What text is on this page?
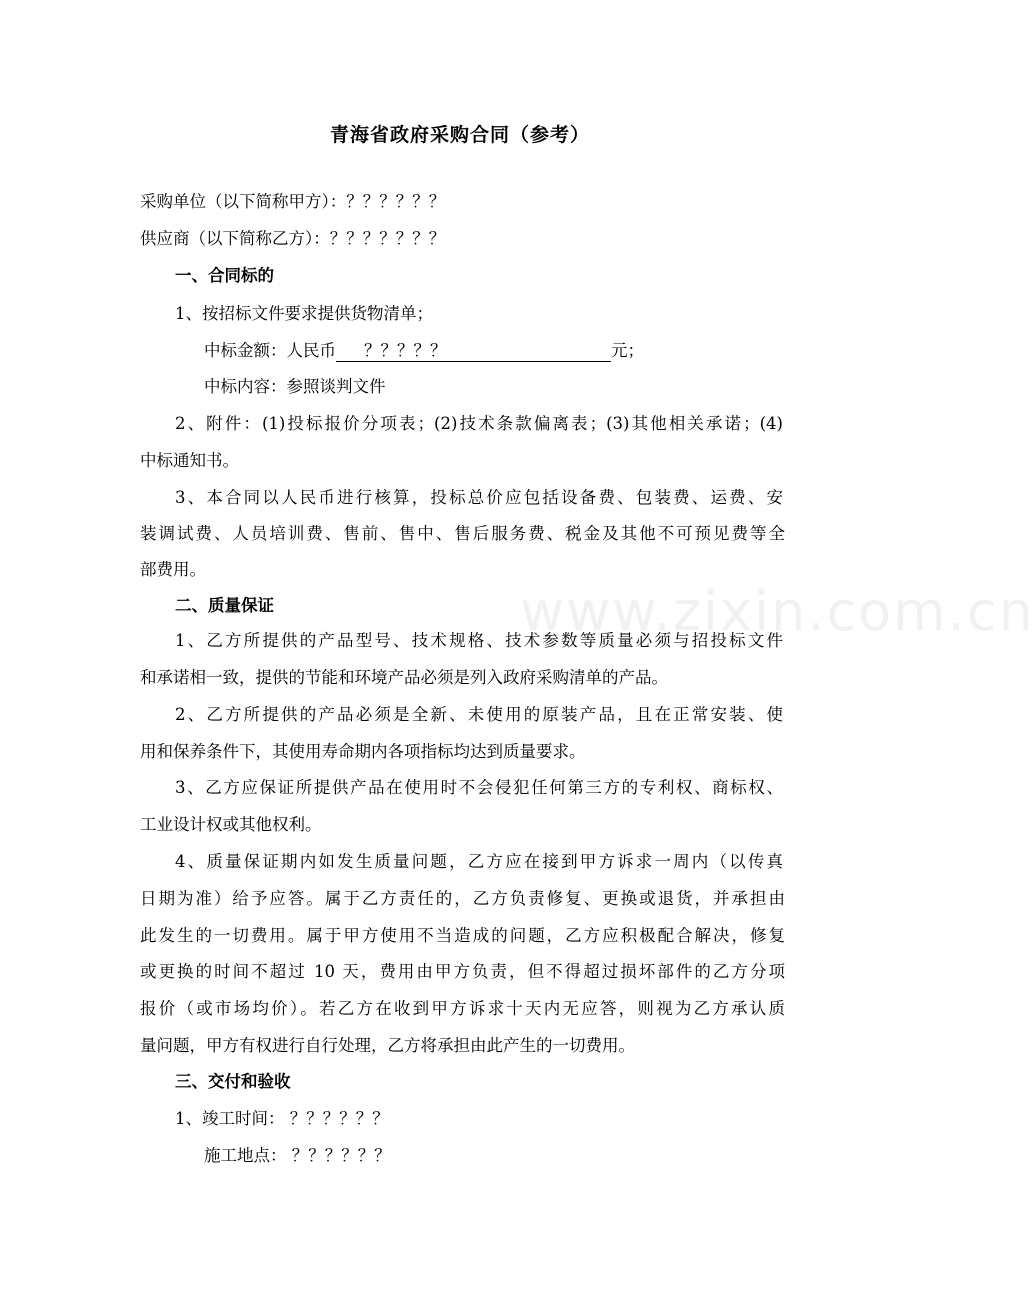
www.zixin.com.cn
青海省政府采购合同（参考）
采购单位（以下简称甲方）：？？？？？？
供应商（以下简称乙方）：？？？？？？？
一、合同标的
1、按招标文件要求提供货物清单；
中标金额：人民币 ？？？？？	元；
中标内容：参照谈判文件
2、附件：(1)投标报价分项表；(2)技术条款偏离表；(3)其他相关承诺；(4)
中标通知书。
3、本合同以人民币进行核算，投标总价应包括设备费、包装费、运费、安
装调试费、人员培训费、售前、售中、售后服务费、税金及其他不可预见费等全
部费用。
二、质量保证
1、乙方所提供的产品型号、技术规格、技术参数等质量必须与招投标文件
和承诺相一致，提供的节能和环境产品必须是列入政府采购清单的产品。
2、乙方所提供的产品必须是全新、未使用的原装产品，且在正常安装、使
用和保养条件下，其使用寿命期内各项指标均达到质量要求。
3、乙方应保证所提供产品在使用时不会侵犯任何第三方的专利权、商标权、
工业设计权或其他权利。
4、质量保证期内如发生质量问题，乙方应在接到甲方诉求一周内（以传真
日期为准）给予应答。属于乙方责任的，乙方负责修复、更换或退货，并承担由
此发生的一切费用。属于甲方使用不当造成的问题，乙方应积极配合解决，修复
或更换的时间不超过 10 天，费用由甲方负责，但不得超过损坏部件的乙方分项
报价（或市场均价）。若乙方在收到甲方诉求十天内无应答，则视为乙方承认质
量问题，甲方有权进行自行处理，乙方将承担由此产生的一切费用。
三、交付和验收
1、竣工时间： ？？？？？？
施工地点： ？？？？？？
